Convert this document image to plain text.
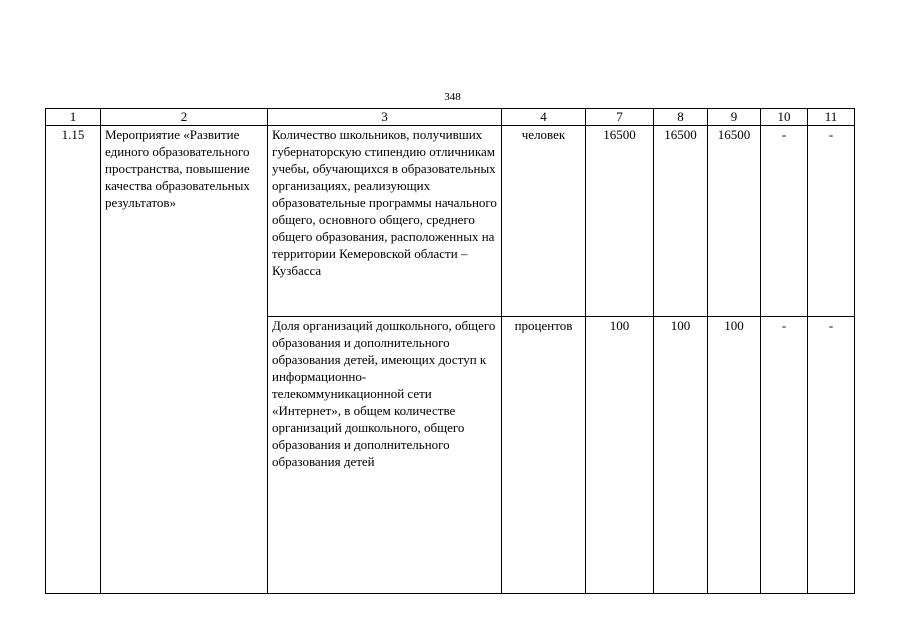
348
1	2	3	4	7	8	9	10	11
1.15	Мероприятие «Развитие единого образовательного пространства, повышение качества образовательных результатов»	Количество школьников, получивших губернаторскую стипендию отличникам учебы, обучающихся в образовательных организациях, реализующих образовательные программы начального общего, основного общего, среднего общего образования, расположенных на территории Кемеровской области – Кузбасса	человек	16500	16500	16500	-	-
		Доля организаций дошкольного, общего образования и дополнительного образования детей, имеющих доступ к информационно-телекоммуникационной сети «Интернет», в общем количестве организаций дошкольного, общего образования и дополнительного образования детей	процентов	100	100	100	-	-
